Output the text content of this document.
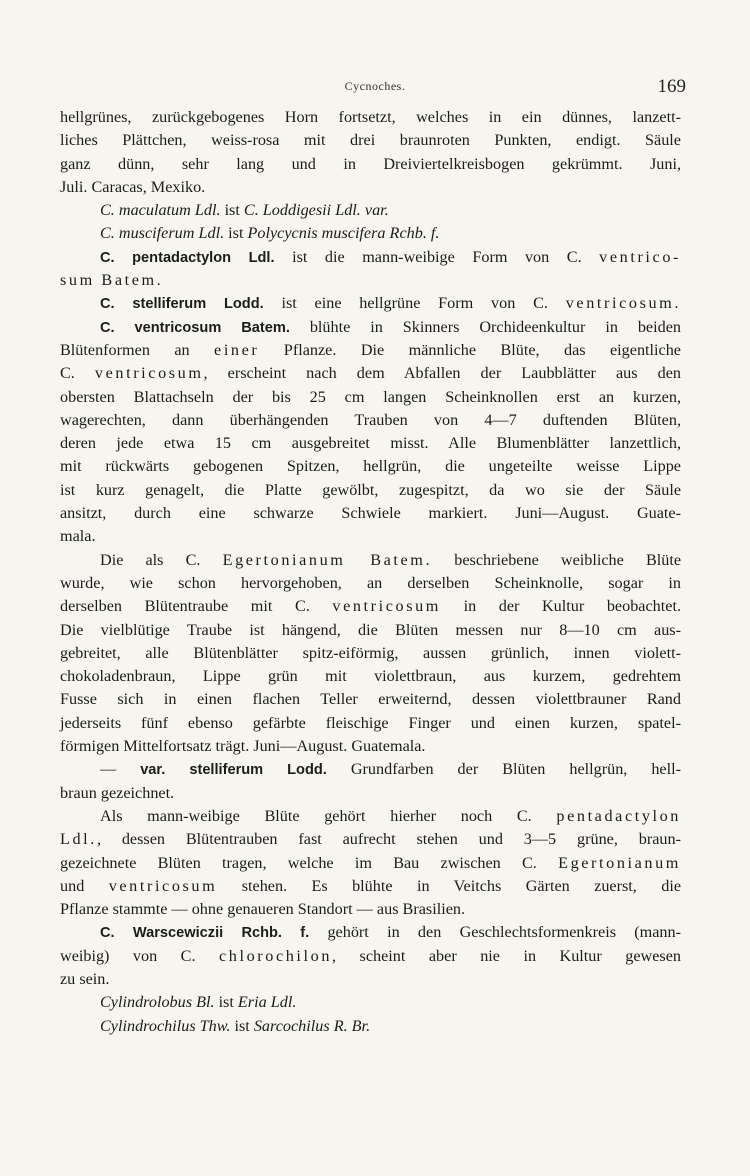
Cycnoches.	169
hellgrünes, zurückgebogenes Horn fortsetzt, welches in ein dünnes, lanzett-
liches Plättchen, weiss-rosa mit drei braunroten Punkten, endigt. Säule
ganz dünn, sehr lang und in Dreiviertelkreisbogen gekrümmt. Juni,
Juli. Caracas, Mexiko.
C. maculatum Ldl. ist C. Loddigesii Ldl. var.
C. musciferum Ldl. ist Polycycnis muscifera Rchb. f.
C. pentadactylon Ldl. ist die mann-weibige Form von C. ventrico-
sum Batem.
C. stelliferum Lodd. ist eine hellgrüne Form von C. ventricosum.
C. ventricosum Batem. blühte in Skinners Orchideenkultur in beiden
Blütenformen an einer Pflanze. Die männliche Blüte, das eigentliche
C. ventricosum, erscheint nach dem Abfallen der Laubblätter aus den
obersten Blattachseln der bis 25 cm langen Scheinknollen erst an kurzen,
wagerechten, dann überhängenden Trauben von 4—7 duftenden Blüten,
deren jede etwa 15 cm ausgebreitet misst. Alle Blumenblätter lanzettlich,
mit rückwärts gebogenen Spitzen, hellgrün, die ungeteilte weisse Lippe
ist kurz genagelt, die Platte gewölbt, zugespitzt, da wo sie der Säule
ansitzt, durch eine schwarze Schwiele markiert. Juni—August. Guate-
mala.
Die als C. Egertonianum Batem. beschriebene weibliche Blüte
wurde, wie schon hervorgehoben, an derselben Scheinknolle, sogar in
derselben Blütentraube mit C. ventricosum in der Kultur beobachtet.
Die vielblütige Traube ist hängend, die Blüten messen nur 8—10 cm aus-
gebreitet, alle Blütenblätter spitz-eiförmig, aussen grünlich, innen violett-
chokoladenbraun, Lippe grün mit violettbraun, aus kurzem, gedrehtem
Fusse sich in einen flachen Teller erweiternd, dessen violettbrauner Rand
jederseits fünf ebenso gefärbte fleischige Finger und einen kurzen, spatel-
förmigen Mittelfortsatz trägt. Juni—August. Guatemala.
— var. stelliferum Lodd. Grundfarben der Blüten hellgrün, hell-
braun gezeichnet.
Als mann-weibige Blüte gehört hierher noch C. pentadactylon
Ldl., dessen Blütentrauben fast aufrecht stehen und 3—5 grüne, braun-
gezeichnete Blüten tragen, welche im Bau zwischen C. Egertonianum
und ventricosum stehen. Es blühte in Veitchs Gärten zuerst, die
Pflanze stammte — ohne genaueren Standort — aus Brasilien.
C. Warscewiczii Rchb. f. gehört in den Geschlechtsformenkreis (mann-
weibig) von C. chlorochilon, scheint aber nie in Kultur gewesen
zu sein.
Cylindrolobus Bl. ist Eria Ldl.
Cylindrochilus Thw. ist Sarcochilus R. Br.
